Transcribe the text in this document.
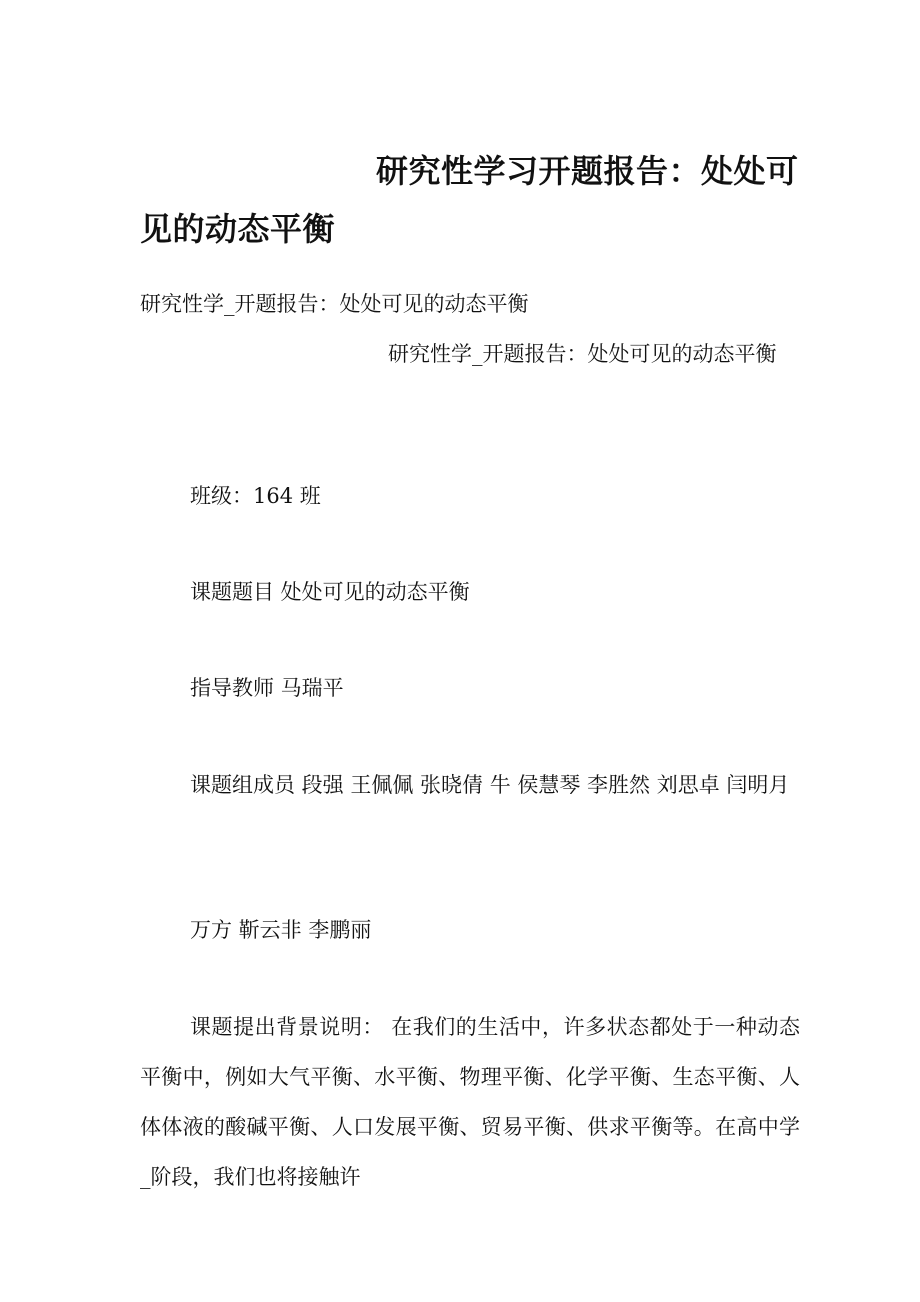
研究性学习开题报告：处处可见的动态平衡

研究性学_开题报告：处处可见的动态平衡

研究性学_开题报告：处处可见的动态平衡

班级：164 班

课题题目 处处可见的动态平衡

指导教师 马瑞平

课题组成员 段强 王佩佩 张晓倩 牛 侯慧琴 李胜然 刘思卓 闫明月

万方 靳云非 李鹏丽

课题提出背景说明： 在我们的生活中，许多状态都处于一种动态平衡中，例如大气平衡、水平衡、物理平衡、化学平衡、生态平衡、人体体液的酸碱平衡、人口发展平衡、贸易平衡、供求平衡等。在高中学_阶段，我们也将接触许
